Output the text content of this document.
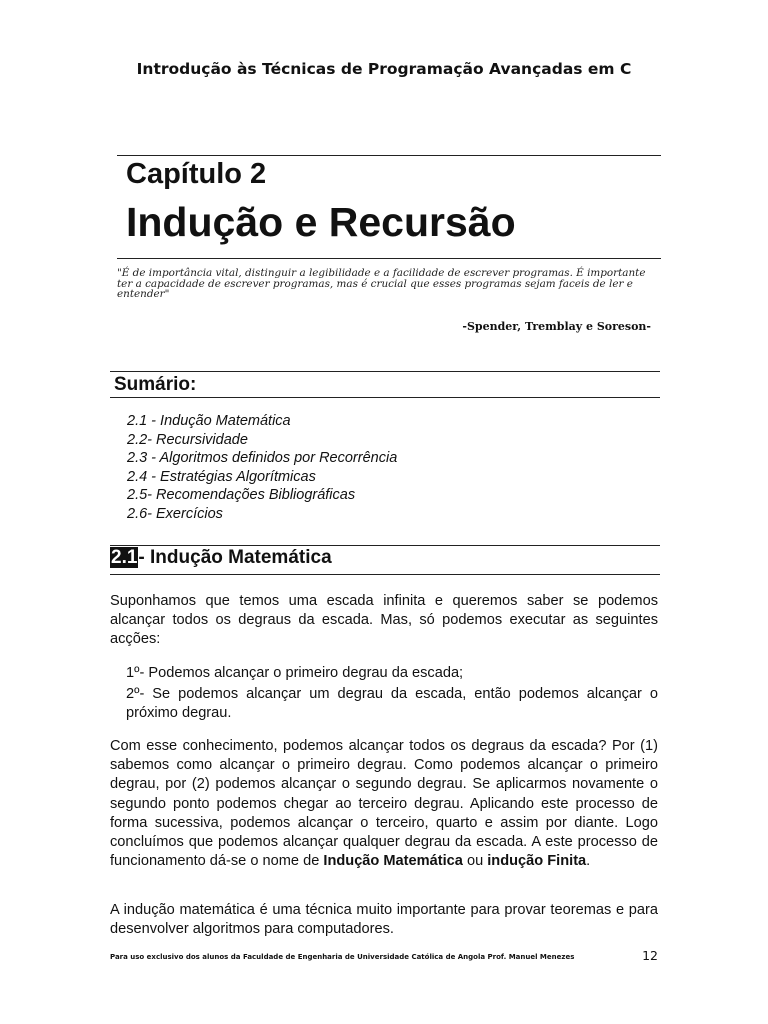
Introdução às Técnicas de Programação Avançadas em C
Capítulo 2
Indução e Recursão
"É de importância vital, distinguir a legibilidade e a facilidade de escrever programas. É importante ter a capacidade de escrever programas, mas é crucial que esses programas sejam faceis de ler e entender"
-Spender, Tremblay e Soreson-
Sumário:
2.1 - Indução Matemática
2.2- Recursividade
2.3 - Algoritmos definidos por Recorrência
2.4 - Estratégias Algorítmicas
2.5- Recomendações Bibliográficas
2.6- Exercícios
2.1- Indução Matemática
Suponhamos que temos uma escada infinita e queremos saber se podemos alcançar todos os degraus da escada. Mas, só podemos executar as seguintes acções:
1º- Podemos alcançar o primeiro degrau da escada;
2º- Se podemos alcançar um degrau da escada, então podemos alcançar o próximo degrau.
Com esse conhecimento, podemos alcançar todos os degraus da escada? Por (1) sabemos como alcançar o primeiro degrau. Como podemos alcançar o primeiro degrau, por (2) podemos alcançar o segundo degrau. Se aplicarmos novamente o segundo ponto podemos chegar ao terceiro degrau. Aplicando este processo de forma sucessiva, podemos alcançar o terceiro, quarto e assim por diante. Logo concluímos que podemos alcançar qualquer degrau da escada. A este processo de funcionamento dá-se o nome de Indução Matemática ou indução Finita.
A indução matemática é uma técnica muito importante para provar teoremas e para desenvolver algoritmos para computadores.
Para uso exclusivo dos alunos da Faculdade de Engenharia de Universidade Católica de Angola Prof. Manuel Menezes	12
